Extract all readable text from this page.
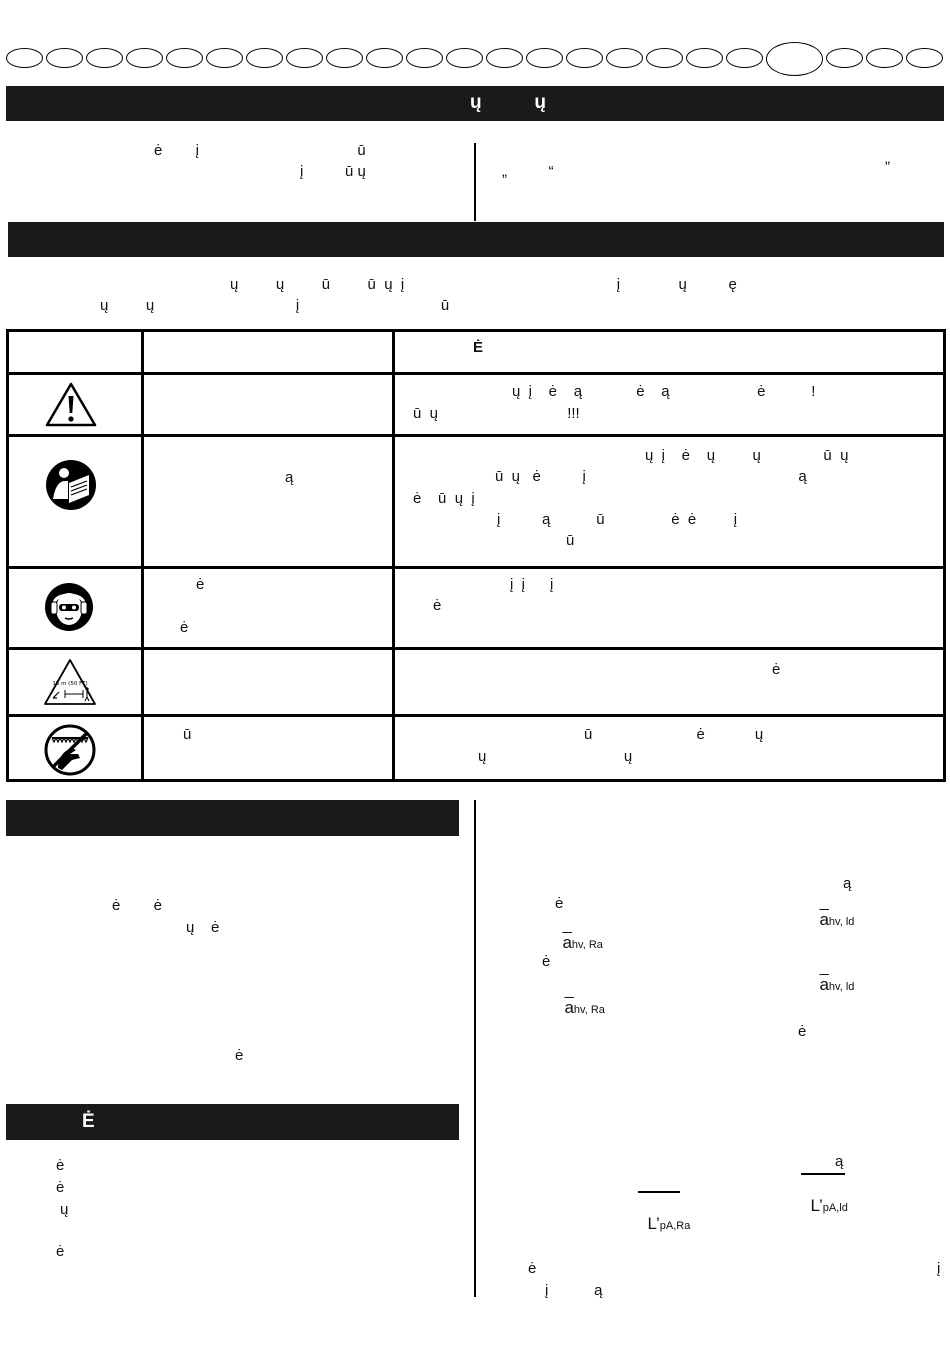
ų          ų
ė        į                                      ū
į          ū ų
„
„          “
ų         ų         ū         ū  ų  į                                                   į              ų          ę
ų         ų                                  į                                  ū
Ė
ų  į    ė    ą             ė    ą                     ė           !
ū  ų                               !!!
ą
ų  į    ė    ų         ų               ū  ų
ū  ų   ė          į                                                   ą
ė    ū  ų  į
į          ą           ū                ė  ė         į
ū
ė
ė
į  į      į
ė
15 m (50 FT)
ė
ū	ū                         ė            ų
ų                                 ų
ė        ė
ų    ė
ė
Ė
ė
ė
ų
ė
ą
ė

$\overline{a}hv$, ld

$\overline{a}hv$, Ra

ė

$\overline{a}hv$, ld

$\overline{a}hv$, Ra

ė
ą

L’pA,ld

L’pA,Ra

ė	į
į           ą
